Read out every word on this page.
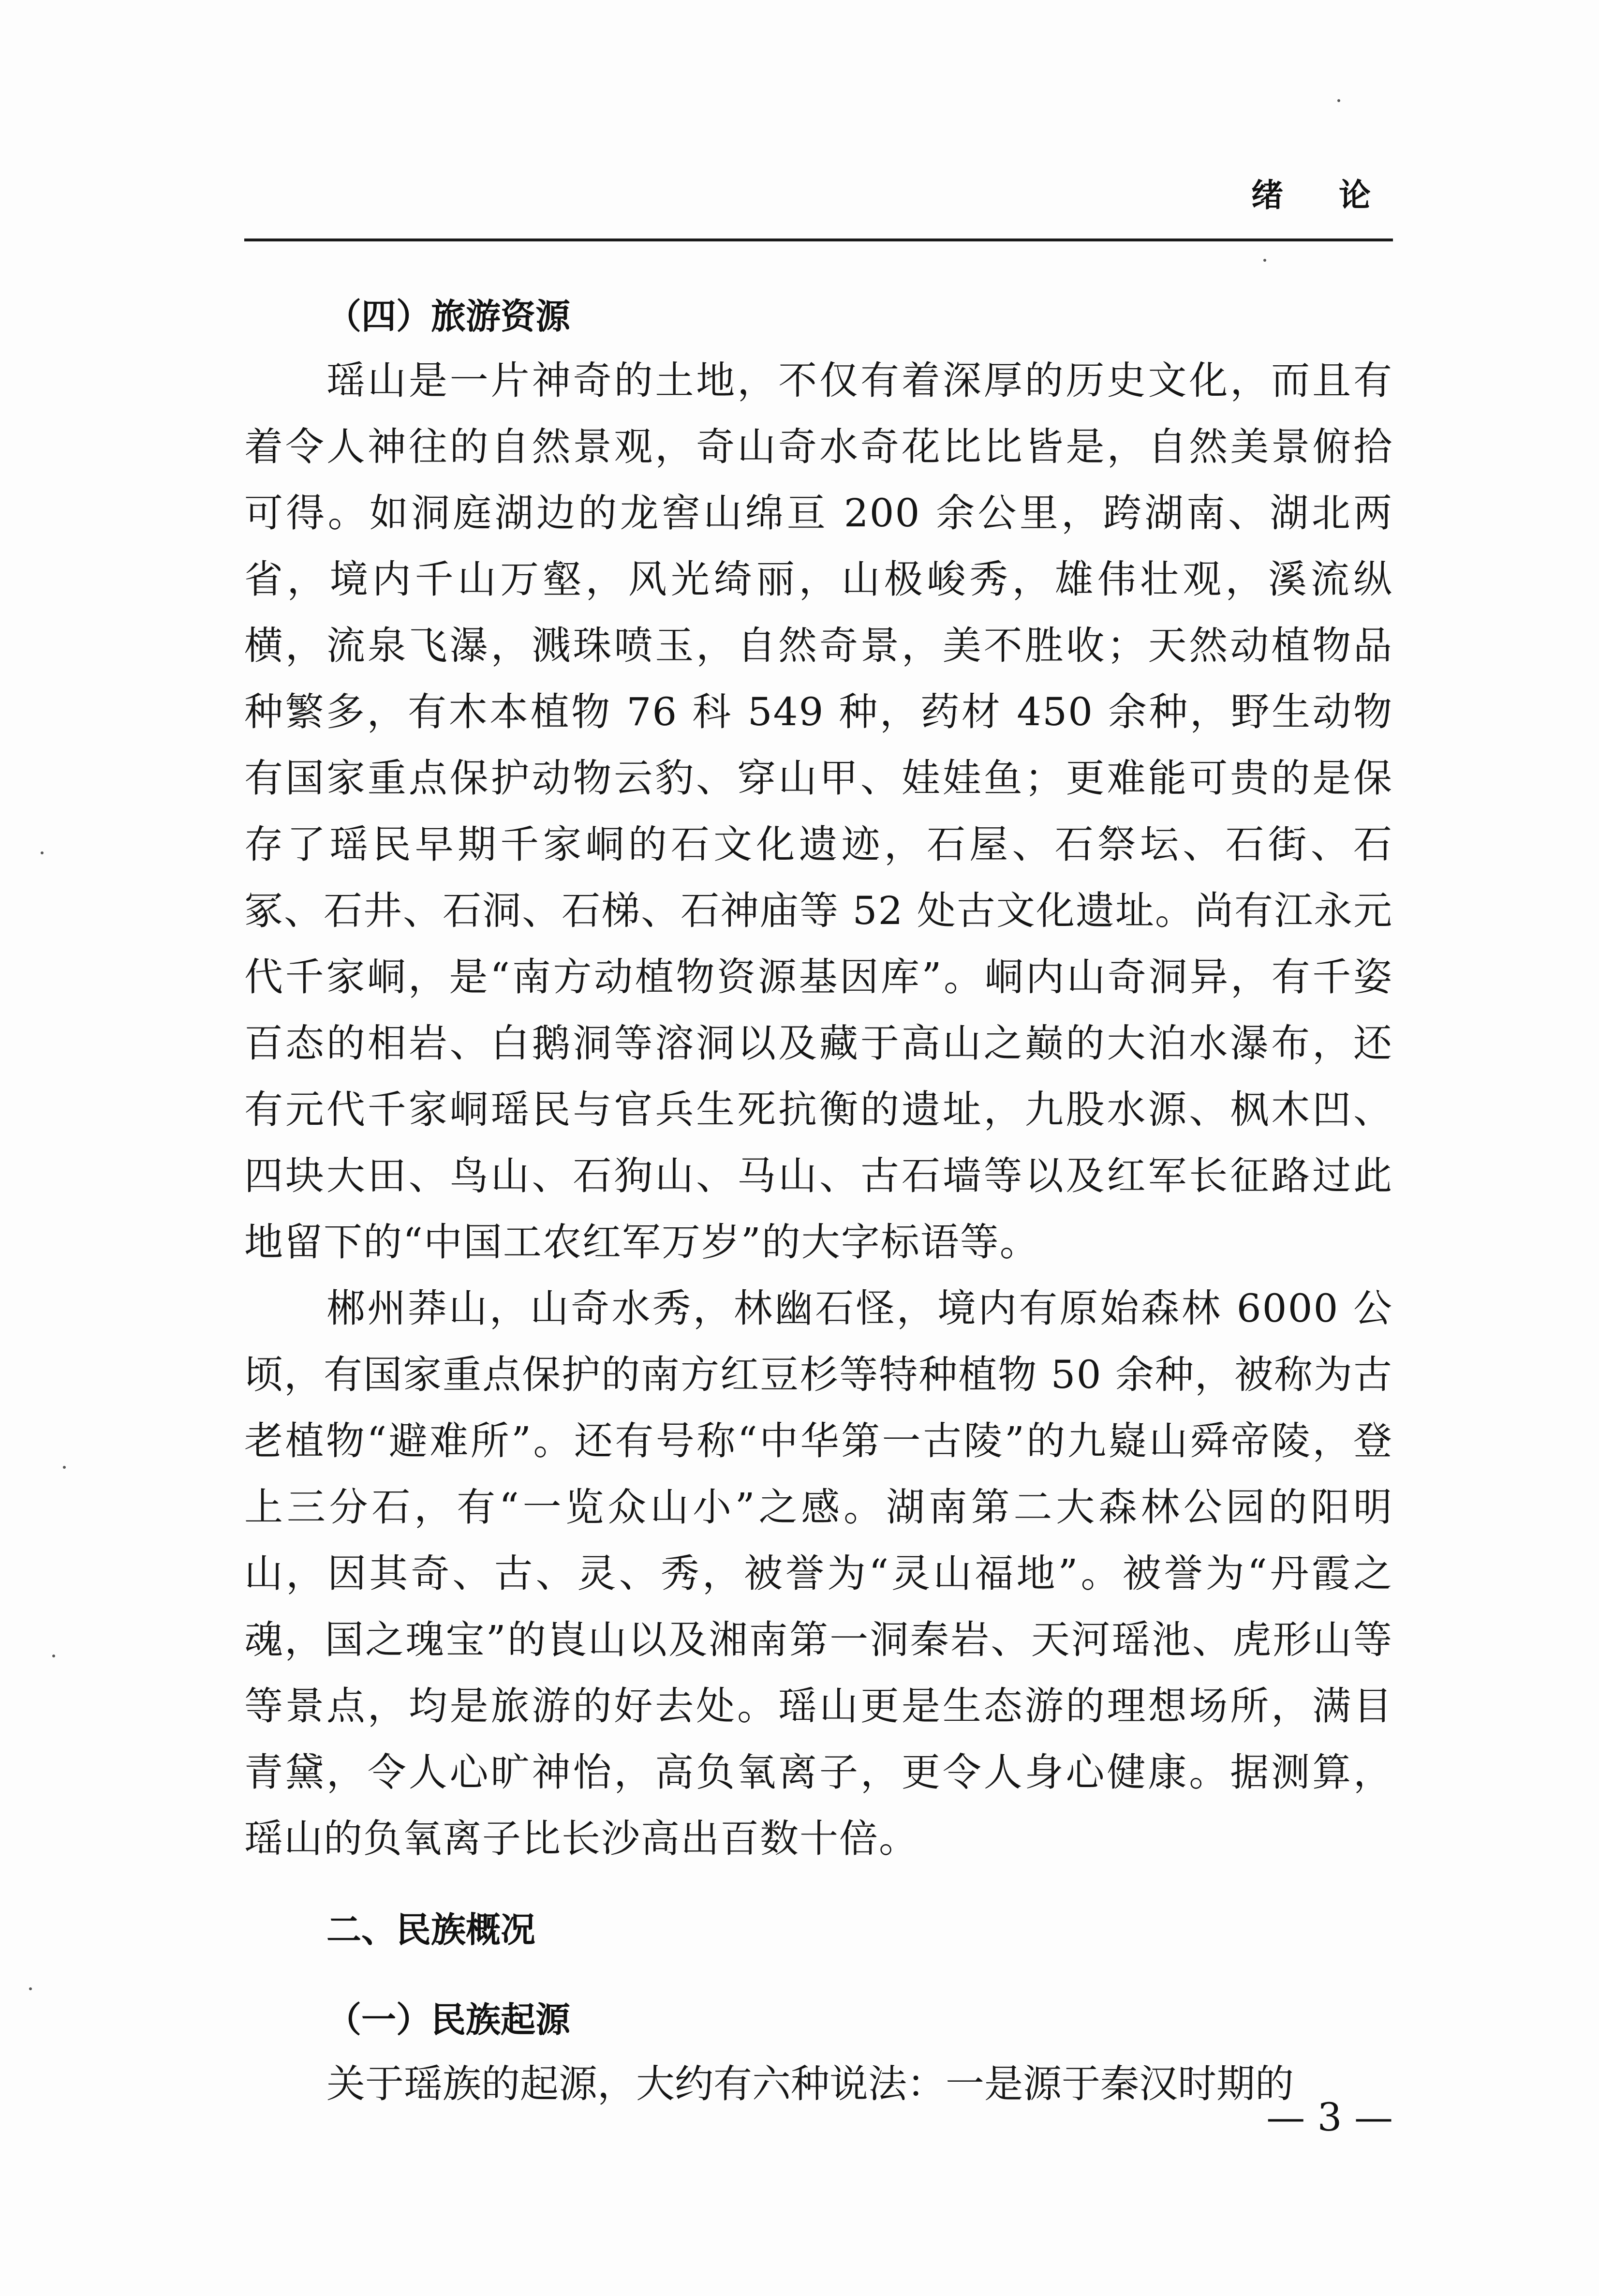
绪 论
（四）旅游资源

瑶山是一片神奇的土地，不仅有着深厚的历史文化，而且有着令人神往的自然景观，奇山奇水奇花比比皆是，自然美景俯拾可得。如洞庭湖边的龙窖山绵亘 200 余公里，跨湖南、湖北两省，境内千山万壑，风光绮丽，山极峻秀，雄伟壮观，溪流纵横，流泉飞瀑，溅珠喷玉，自然奇景，美不胜收；天然动植物品种繁多，有木本植物 76 科 549 种，药材 450 余种，野生动物有国家重点保护动物云豹、穿山甲、娃娃鱼；更难能可贵的是保存了瑶民早期千家峒的石文化遗迹，石屋、石祭坛、石街、石冢、石井、石洞、石梯、石神庙等 52 处古文化遗址。尚有江永元代千家峒，是“南方动植物资源基因库”。峒内山奇洞异，有千姿百态的相岩、白鹅洞等溶洞以及藏于高山之巅的大泊水瀑布，还有元代千家峒瑶民与官兵生死抗衡的遗址，九股水源、枫木凹、四块大田、鸟山、石狗山、马山、古石墙等以及红军长征路过此地留下的“中国工农红军万岁”的大字标语等。

郴州莽山，山奇水秀，林幽石怪，境内有原始森林 6000 公顷，有国家重点保护的南方红豆杉等特种植物 50 余种，被称为古老植物“避难所”。还有号称“中华第一古陵”的九嶷山舜帝陵，登上三分石，有“一览众山小”之感。湖南第二大森林公园的阳明山，因其奇、古、灵、秀，被誉为“灵山福地”。被誉为“丹霞之魂，国之瑰宝”的崀山以及湘南第一洞秦岩、天河瑶池、虎形山等等景点，均是旅游的好去处。瑶山更是生态游的理想场所，满目青黛，令人心旷神怡，高负氧离子，更令人身心健康。据测算，瑶山的负氧离子比长沙高出百数十倍。

二、民族概况
（一）民族起源

关于瑶族的起源，大约有六种说法：一是源于秦汉时期的

— 3 —
